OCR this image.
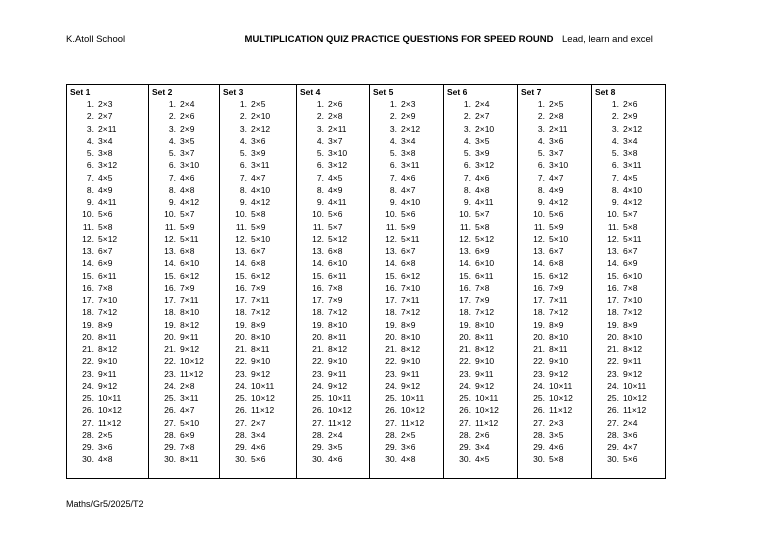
K.Atoll School	MULTIPLICATION QUIZ PRACTICE QUESTIONS FOR SPEED ROUND Lead, learn and excel
Set 1
1. 2×3
2. 2×7
3. 2×11
4. 3×4
5. 3×8
6. 3×12
7. 4×5
8. 4×9
9. 4×11
10. 5×6
11. 5×8
12. 5×12
13. 6×7
14. 6×9
15. 6×11
16. 7×8
17. 7×10
18. 7×12
19. 8×9
20. 8×11
21. 8×12
22. 9×10
23. 9×11
24. 9×12
25. 10×11
26. 10×12
27. 11×12
28. 2×5
29. 3×6
30. 4×8
Set 2
1. 2×4
2. 2×6
3. 2×9
4. 3×5
5. 3×7
6. 3×10
7. 4×6
8. 4×8
9. 4×12
10. 5×7
11. 5×9
12. 5×11
13. 6×8
14. 6×10
15. 6×12
16. 7×9
17. 7×11
18. 8×10
19. 8×12
20. 9×11
21. 9×12
22. 10×12
23. 11×12
24. 2×8
25. 3×11
26. 4×7
27. 5×10
28. 6×9
29. 7×8
30. 8×11
Set 3
1. 2×5
2. 2×10
3. 2×12
4. 3×6
5. 3×9
6. 3×11
7. 4×7
8. 4×10
9. 4×12
10. 5×8
11. 5×9
12. 5×10
13. 6×7
14. 6×8
15. 6×12
16. 7×9
17. 7×11
18. 7×12
19. 8×9
20. 8×10
21. 8×11
22. 9×10
23. 9×12
24. 10×11
25. 10×12
26. 11×12
27. 2×7
28. 3×4
29. 4×6
30. 5×6
Set 4
1. 2×6
2. 2×8
3. 2×11
4. 3×7
5. 3×10
6. 3×12
7. 4×5
8. 4×9
9. 4×11
10. 5×6
11. 5×7
12. 5×12
13. 6×8
14. 6×10
15. 6×11
16. 7×8
17. 7×9
18. 7×12
19. 8×10
20. 8×11
21. 8×12
22. 9×10
23. 9×11
24. 9×12
25. 10×11
26. 10×12
27. 11×12
28. 2×4
29. 3×5
30. 4×6
Set 5
1. 2×3
2. 2×9
3. 2×12
4. 3×4
5. 3×8
6. 3×11
7. 4×6
8. 4×7
9. 4×10
10. 5×6
11. 5×9
12. 5×11
13. 6×7
14. 6×8
15. 6×12
16. 7×10
17. 7×11
18. 7×12
19. 8×9
20. 8×10
21. 8×12
22. 9×10
23. 9×11
24. 9×12
25. 10×11
26. 10×12
27. 11×12
28. 2×5
29. 3×6
30. 4×8
Set 6
1. 2×4
2. 2×7
3. 2×10
4. 3×5
5. 3×9
6. 3×12
7. 4×6
8. 4×8
9. 4×11
10. 5×7
11. 5×8
12. 5×12
13. 6×9
14. 6×10
15. 6×11
16. 7×8
17. 7×9
18. 7×12
19. 8×10
20. 8×11
21. 8×12
22. 9×10
23. 9×11
24. 9×12
25. 10×11
26. 10×12
27. 11×12
28. 2×6
29. 3×4
30. 4×5
Set 7
1. 2×5
2. 2×8
3. 2×11
4. 3×6
5. 3×7
6. 3×10
7. 4×7
8. 4×9
9. 4×12
10. 5×6
11. 5×9
12. 5×10
13. 6×7
14. 6×8
15. 6×12
16. 7×9
17. 7×11
18. 7×12
19. 8×9
20. 8×10
21. 8×11
22. 9×10
23. 9×12
24. 10×11
25. 10×12
26. 11×12
27. 2×3
28. 3×5
29. 4×6
30. 5×8
Set 8
1. 2×6
2. 2×9
3. 2×12
4. 3×4
5. 3×8
6. 3×11
7. 4×5
8. 4×10
9. 4×12
10. 5×7
11. 5×8
12. 5×11
13. 6×7
14. 6×9
15. 6×10
16. 7×8
17. 7×10
18. 7×12
19. 8×9
20. 8×10
21. 8×12
22. 9×11
23. 9×12
24. 10×11
25. 10×12
26. 11×12
27. 2×4
28. 3×6
29. 4×7
30. 5×6
Maths/Gr5/2025/T2
